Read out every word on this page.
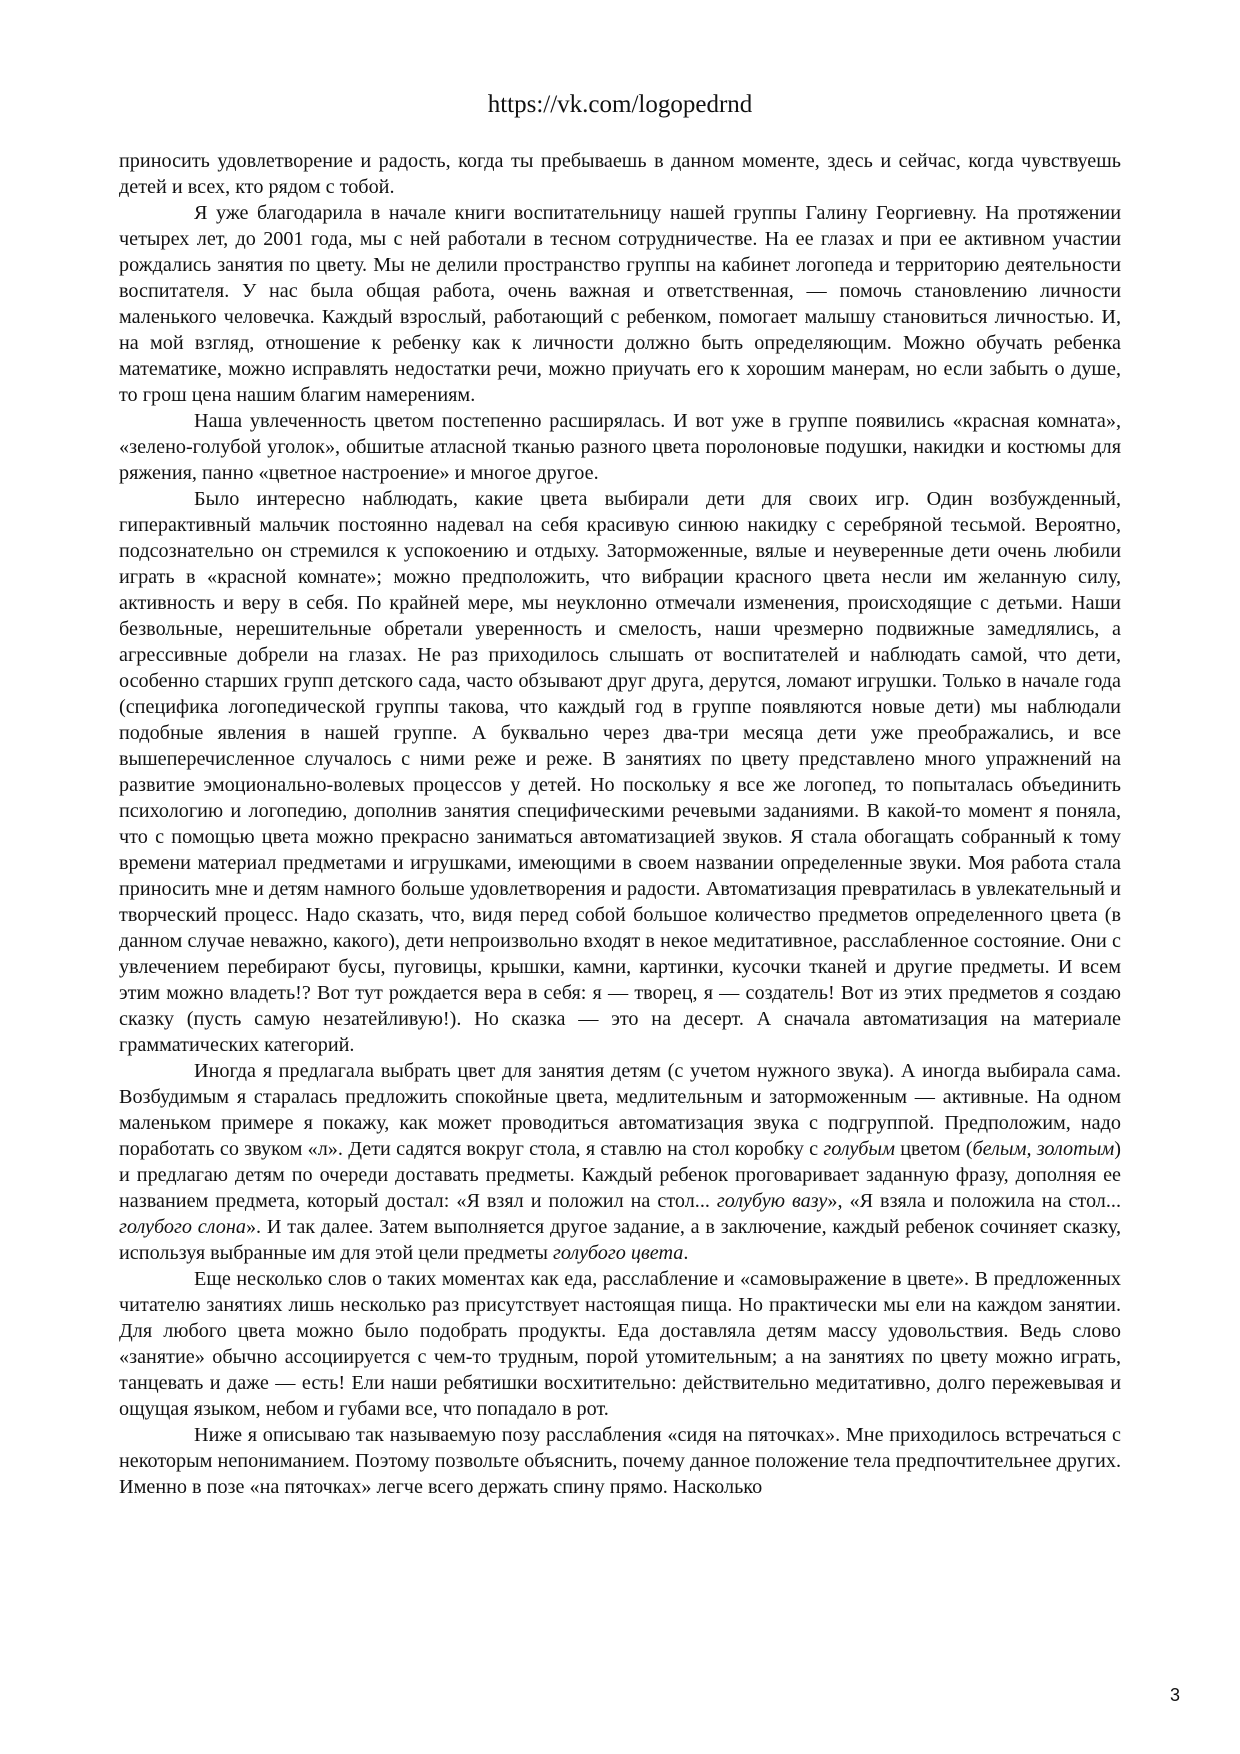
https://vk.com/logopedrnd

приносить удовлетворение и радость, когда ты пребываешь в данном моменте, здесь и сейчас, когда чувствуешь детей и всех, кто рядом с тобой.

Я уже благодарила в начале книги воспитательницу нашей группы Галину Георгиевну. На протяжении четырех лет, до 2001 года, мы с ней работали в тесном сотрудничестве. На ее глазах и при ее активном участии рождались занятия по цвету. Мы не делили пространство группы на кабинет логопеда и территорию деятельности воспитателя. У нас была общая работа, очень важная и ответственная, — помочь становлению личности маленького человечка. Каждый взрослый, работающий с ребенком, помогает малышу становиться личностью. И, на мой взгляд, отношение к ребенку как к личности должно быть определяющим. Можно обучать ребенка математике, можно исправлять недостатки речи, можно приучать его к хорошим манерам, но если забыть о душе, то грош цена нашим благим намерениям.

Наша увлеченность цветом постепенно расширялась. И вот уже в группе появились «красная комната», «зелено-голубой уголок», обшитые атласной тканью разного цвета поролоновые подушки, накидки и костюмы для ряжения, панно «цветное настроение» и многое другое.

Было интересно наблюдать, какие цвета выбирали дети для своих игр. Один возбужденный, гиперактивный мальчик постоянно надевал на себя красивую синюю накидку с серебряной тесьмой. Вероятно, подсознательно он стремился к успокоению и отдыху. Заторможенные, вялые и неуверенные дети очень любили играть в «красной комнате»; можно предположить, что вибрации красного цвета несли им желанную силу, активность и веру в себя. По крайней мере, мы неуклонно отмечали изменения, происходящие с детьми. Наши безвольные, нерешительные обретали уверенность и смелость, наши чрезмерно подвижные замедлялись, а агрессивные добрели на глазах. Не раз приходилось слышать от воспитателей и наблюдать самой, что дети, особенно старших групп детского сада, часто обзывают друг друга, дерутся, ломают игрушки. Только в начале года (специфика логопедической группы такова, что каждый год в группе появляются новые дети) мы наблюдали подобные явления в нашей группе. А буквально через два-три месяца дети уже преображались, и все вышеперечисленное случалось с ними реже и реже. В занятиях по цвету представлено много упражнений на развитие эмоционально-волевых процессов у детей. Но поскольку я все же логопед, то попыталась объединить психологию и логопедию, дополнив занятия специфическими речевыми заданиями. В какой-то момент я поняла, что с помощью цвета можно прекрасно заниматься автоматизацией звуков. Я стала обогащать собранный к тому времени материал предметами и игрушками, имеющими в своем названии определенные звуки. Моя работа стала приносить мне и детям намного больше удовлетворения и радости. Автоматизация превратилась в увлекательный и творческий процесс. Надо сказать, что, видя перед собой большое количество предметов определенного цвета (в данном случае неважно, какого), дети непроизвольно входят в некое медитативное, расслабленное состояние. Они с увлечением перебирают бусы, пуговицы, крышки, камни, картинки, кусочки тканей и другие предметы. И всем этим можно владеть!? Вот тут рождается вера в себя: я — творец, я — создатель! Вот из этих предметов я создаю сказку (пусть самую незатейливую!). Но сказка — это на десерт. А сначала автоматизация на материале грамматических категорий.

Иногда я предлагала выбрать цвет для занятия детям (с учетом нужного звука). А иногда выбирала сама. Возбудимым я старалась предложить спокойные цвета, медлительным и заторможенным — активные. На одном маленьком примере я покажу, как может проводиться автоматизация звука с подгруппой. Предположим, надо поработать со звуком «л». Дети садятся вокруг стола, я ставлю на стол коробку с голубым цветом (белым, золотым) и предлагаю детям по очереди доставать предметы. Каждый ребенок проговаривает заданную фразу, дополняя ее названием предмета, который достал: «Я взял и положил на стол... голубую вазу», «Я взяла и положила на стол... голубого слона». И так далее. Затем выполняется другое задание, а в заключение, каждый ребенок сочиняет сказку, используя выбранные им для этой цели предметы голубого цвета.

Еще несколько слов о таких моментах как еда, расслабление и «самовыражение в цвете». В предложенных читателю занятиях лишь несколько раз присутствует настоящая пища. Но практически мы ели на каждом занятии. Для любого цвета можно было подобрать продукты. Еда доставляла детям массу удовольствия. Ведь слово «занятие» обычно ассоциируется с чем-то трудным, порой утомительным; а на занятиях по цвету можно играть, танцевать и даже — есть! Ели наши ребятишки восхитительно: действительно медитативно, долго пережевывая и ощущая языком, небом и губами все, что попадало в рот.

Ниже я описываю так называемую позу расслабления «сидя на пяточках». Мне приходилось встречаться с некоторым непониманием. Поэтому позвольте объяснить, почему данное положение тела предпочтительнее других. Именно в позе «на пяточках» легче всего держать спину прямо. Насколько

3
